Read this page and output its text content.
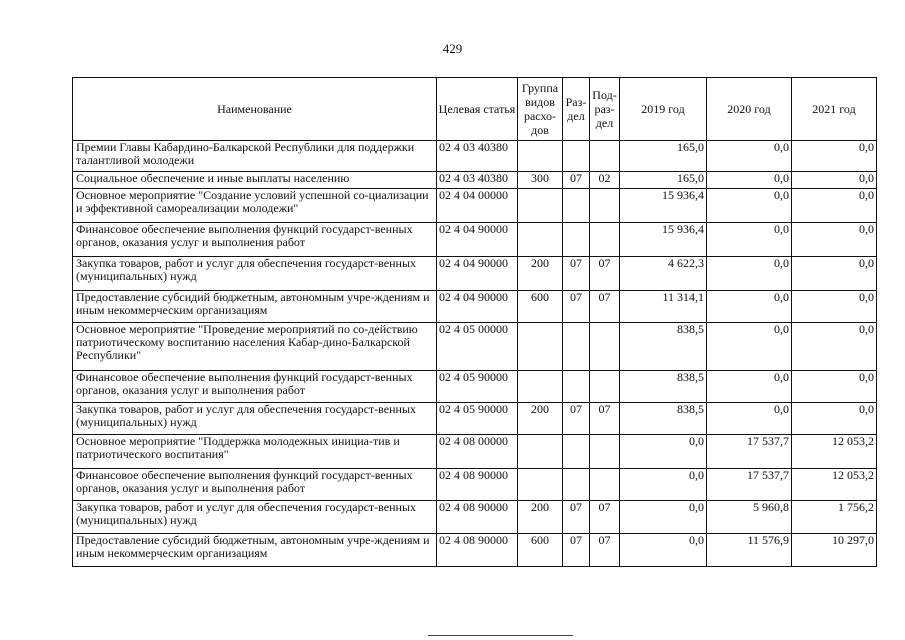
429
Наименование	Целевая статья	Группа видов расхо-дов	Раз-дел	Под-раз-дел	2019 год	2020 год	2021 год
Премии Главы Кабардино-Балкарской Республики для поддержки талантливой молодежи	02 4 03 40380				165,0	0,0	0,0
Социальное обеспечение и иные выплаты населению	02 4 03 40380	300	07	02	165,0	0,0	0,0
Основное мероприятие "Создание условий успешной со-циализации и эффективной самореализации молодежи"	02 4 04 00000				15 936,4	0,0	0,0
Финансовое обеспечение выполнения функций государст-венных органов, оказания услуг и выполнения работ	02 4 04 90000				15 936,4	0,0	0,0
Закупка товаров, работ и услуг для обеспечения государст-венных (муниципальных) нужд	02 4 04 90000	200	07	07	4 622,3	0,0	0,0
Предоставление субсидий бюджетным, автономным учре-ждениям и иным некоммерческим организациям	02 4 04 90000	600	07	07	11 314,1	0,0	0,0
Основное мероприятие "Проведение мероприятий по со-действию патриотическому воспитанию населения Кабар-дино-Балкарской Республики"	02 4 05 00000				838,5	0,0	0,0
Финансовое обеспечение выполнения функций государст-венных органов, оказания услуг и выполнения работ	02 4 05 90000				838,5	0,0	0,0
Закупка товаров, работ и услуг для обеспечения государст-венных (муниципальных) нужд	02 4 05 90000	200	07	07	838,5	0,0	0,0
Основное мероприятие "Поддержка молодежных инициа-тив и патриотического воспитания"	02 4 08 00000				0,0	17 537,7	12 053,2
Финансовое обеспечение выполнения функций государст-венных органов, оказания услуг и выполнения работ	02 4 08 90000				0,0	17 537,7	12 053,2
Закупка товаров, работ и услуг для обеспечения государст-венных (муниципальных) нужд	02 4 08 90000	200	07	07	0,0	5 960,8	1 756,2
Предоставление субсидий бюджетным, автономным учре-ждениям и иным некоммерческим организациям	02 4 08 90000	600	07	07	0,0	11 576,9	10 297,0
